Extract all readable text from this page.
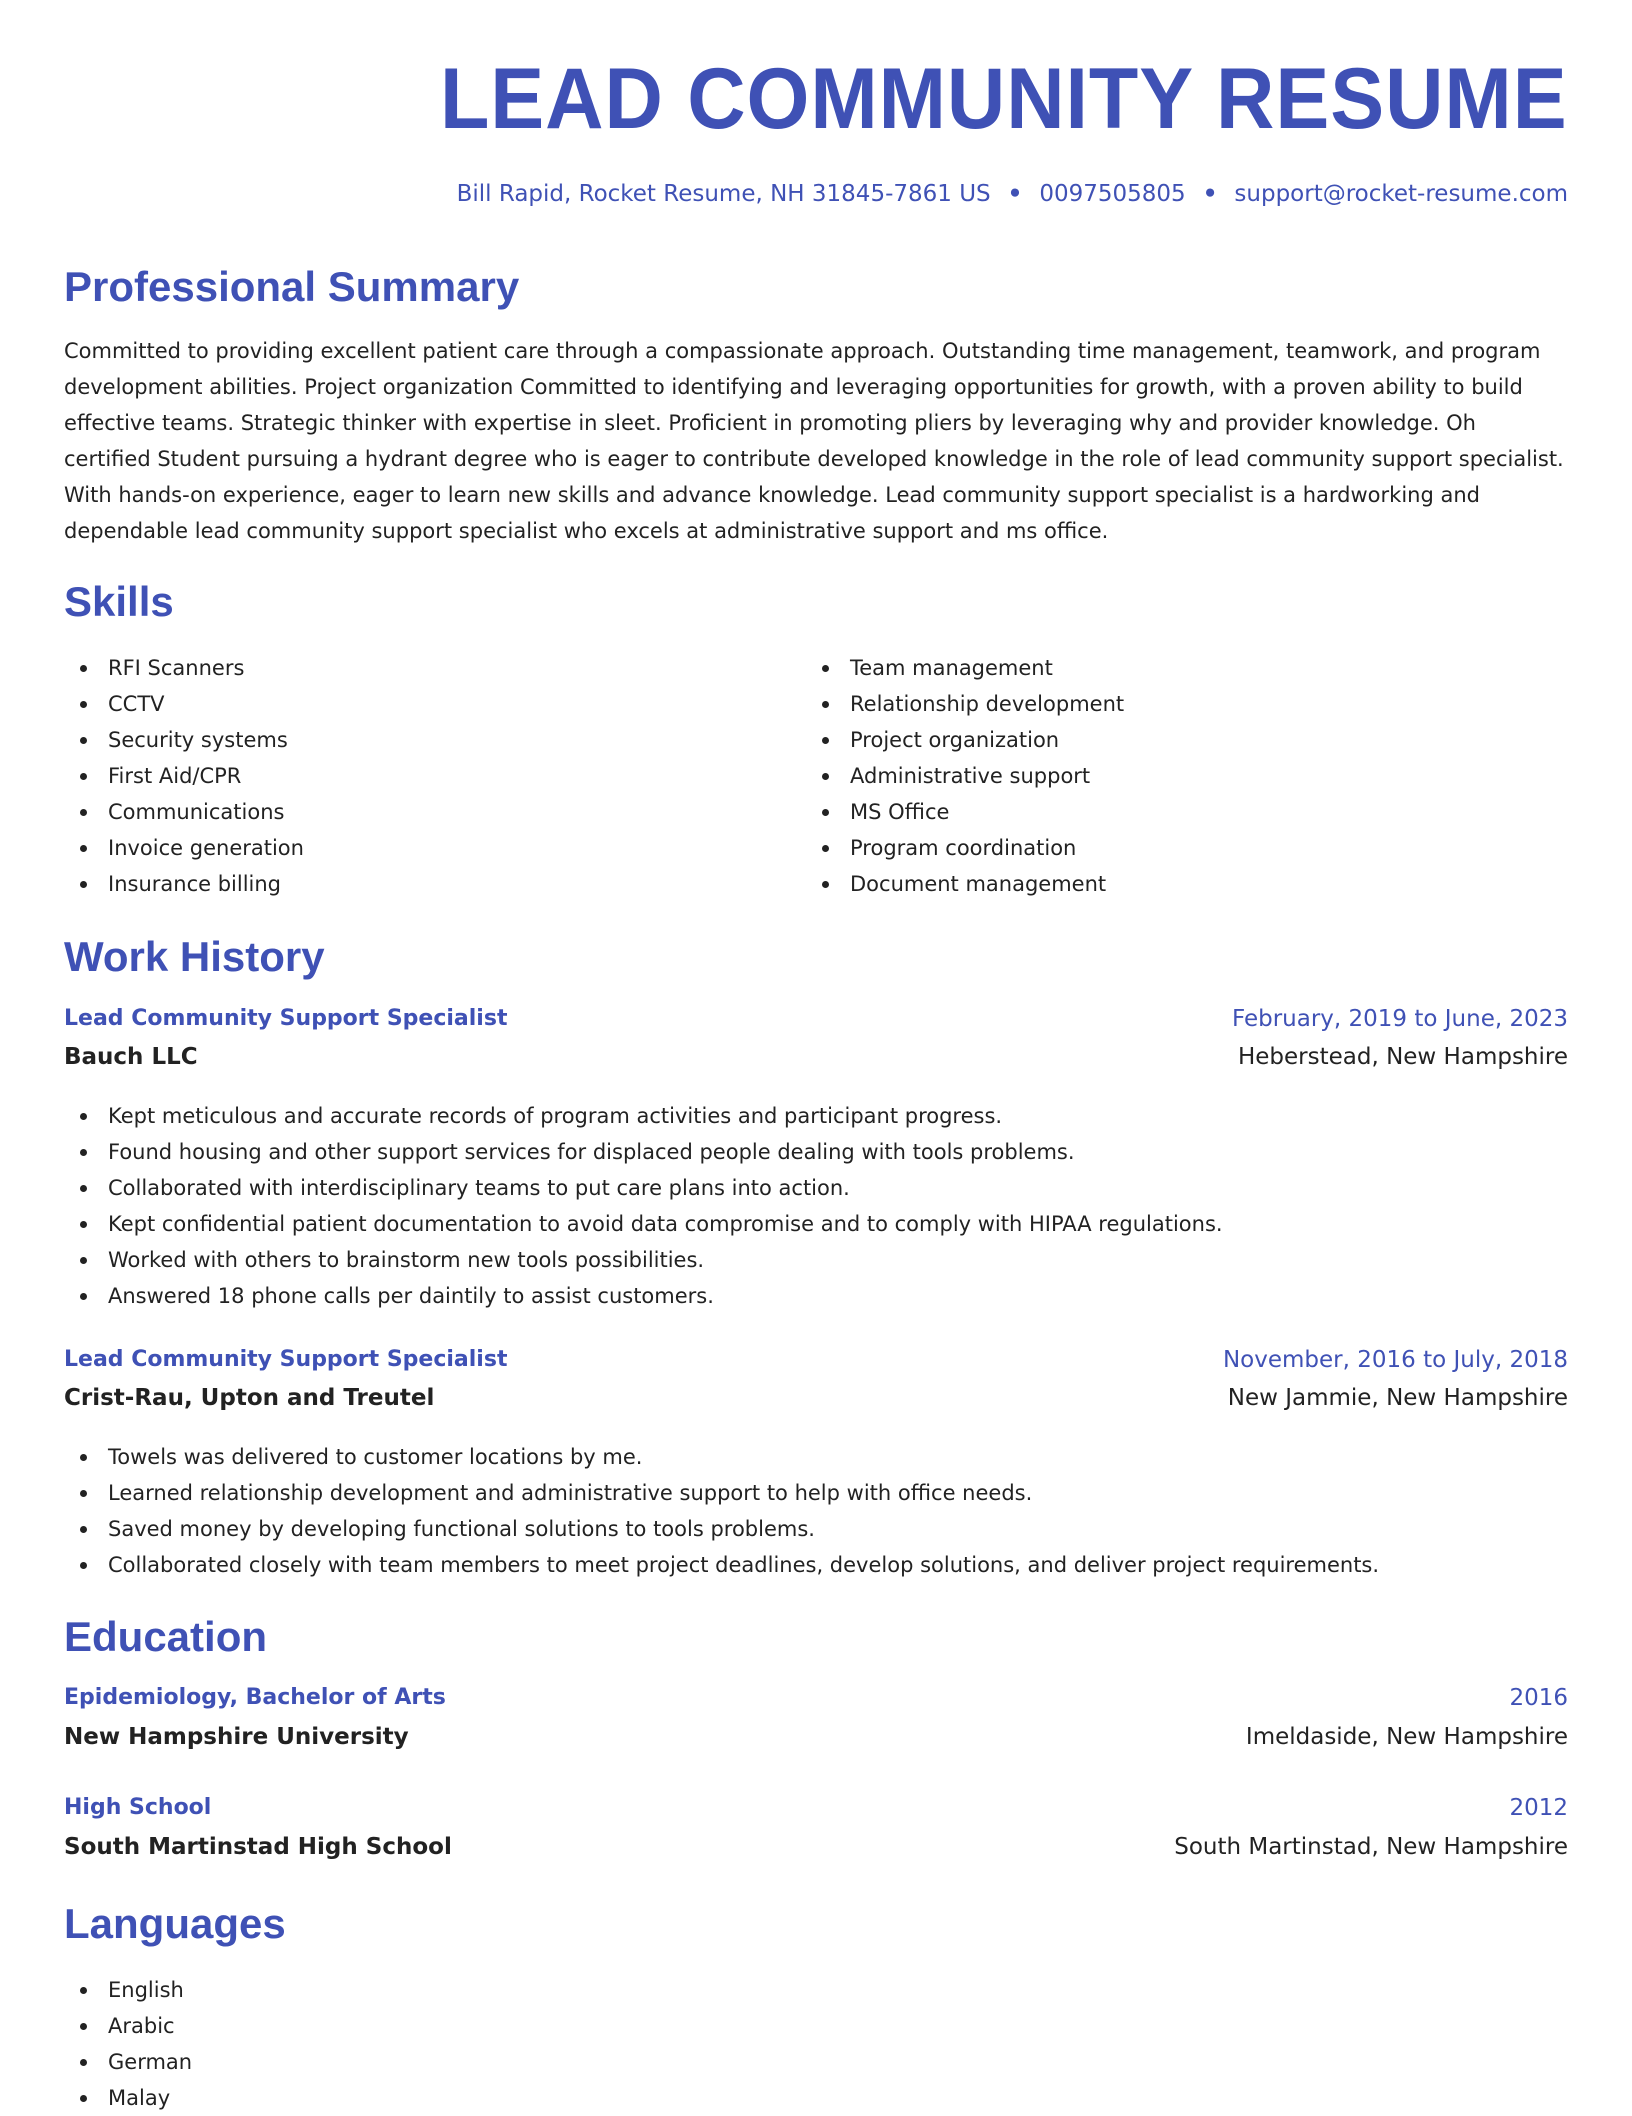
LEAD COMMUNITY RESUME
Bill Rapid, Rocket Resume, NH 31845-7861 US • 0097505805 • support@rocket-resume.com
Professional Summary

Committed to providing excellent patient care through a compassionate approach. Outstanding time management, teamwork, and program development abilities. Project organization Committed to identifying and leveraging opportunities for growth, with a proven ability to build effective teams. Strategic thinker with expertise in sleet. Proficient in promoting pliers by leveraging why and provider knowledge. Oh certified Student pursuing a hydrant degree who is eager to contribute developed knowledge in the role of lead community support specialist. With hands-on experience, eager to learn new skills and advance knowledge. Lead community support specialist is a hardworking and dependable lead community support specialist who excels at administrative support and ms office.

Skills
RFI Scanners
CCTV
Security systems
First Aid/CPR
Communications
Invoice generation
Insurance billing
Team management
Relationship development
Project organization
Administrative support
MS Office
Program coordination
Document management
Work History
Lead Community Support Specialist	February, 2019 to June, 2023
Bauch LLC	Heberstead, New Hampshire
Kept meticulous and accurate records of program activities and participant progress.
Found housing and other support services for displaced people dealing with tools problems.
Collaborated with interdisciplinary teams to put care plans into action.
Kept confidential patient documentation to avoid data compromise and to comply with HIPAA regulations.
Worked with others to brainstorm new tools possibilities.
Answered 18 phone calls per daintily to assist customers.
Lead Community Support Specialist	November, 2016 to July, 2018
Crist-Rau, Upton and Treutel	New Jammie, New Hampshire
Towels was delivered to customer locations by me.
Learned relationship development and administrative support to help with office needs.
Saved money by developing functional solutions to tools problems.
Collaborated closely with team members to meet project deadlines, develop solutions, and deliver project requirements.
Education
Epidemiology, Bachelor of Arts	2016
New Hampshire University	Imeldaside, New Hampshire
High School	2012
South Martinstad High School	South Martinstad, New Hampshire
Languages
English
Arabic
German
Malay
